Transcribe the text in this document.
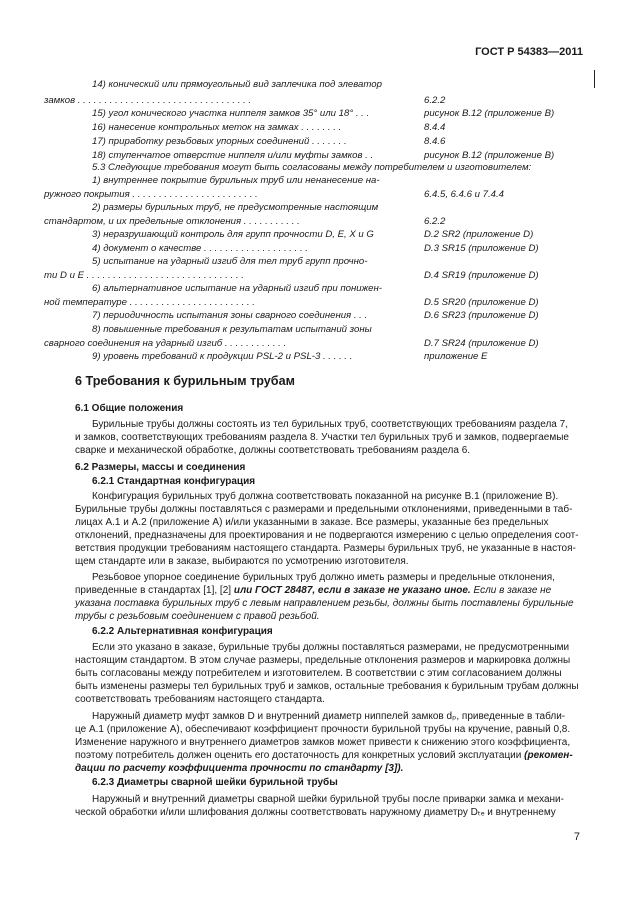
ГОСТ Р 54383—2011
14) конический или прямоугольный вид заплечика под элеватор
замков . . . . . . . . . . . . . . . . . . . . . . . . . . . . . . . . .
15) угол конического участка ниппеля замков 35° или 18° . . .
16) нанесение контрольных меток на замках . . . . . . . .
17) приработку резьбовых упорных соединений . . . . . . .
18) ступенчатое отверстие ниппеля и/или муфты замков . .
5.3 Следующие требования могут быть согласованы между потребителем и изготовителем:
1) внутреннее покрытие бурильных труб или ненанесение на-
ружного покрытия . . . . . . . . . . . . . . . . . . . . . . . .
2) размеры бурильных труб, не предусмотренные настоящим
стандартом, и их предельные отклонения . . . . . . . . . . .
3) неразрушающий контроль для групп прочности D, E, X и G
4) документ о качестве . . . . . . . . . . . . . . . . . . . .
5) испытание на ударный изгиб для тел труб групп прочно-
ти D и E . . . . . . . . . . . . . . . . . . . . . . . . . . . . . .
6) альтернативное испытание на ударный изгиб при понижен-
ной температуре . . . . . . . . . . . . . . . . . . . . . . . .
7) периодичность испытания зоны сварного соединения . . .
8) повышенные требования к результатам испытаний зоны
сварного соединения на ударный изгиб . . . . . . . . . . . .
9) уровень требований к продукции PSL-2 и PSL-3 . . . . . .
6.2.2
рисунок B.12 (приложение B)
8.4.4
8.4.6
рисунок B.12 (приложение B)
6.4.5, 6.4.6 и 7.4.4
6.2.2
D.2 SR2 (приложение D)
D.3 SR15 (приложение D)
D.4 SR19 (приложение D)
D.5 SR20 (приложение D)
D.6 SR23 (приложение D)
D.7 SR24 (приложение D)
приложение E
6 Требования к бурильным трубам
6.1 Общие положения
Бурильные трубы должны состоять из тел бурильных труб, соответствующих требованиям раздела 7,
и замков, соответствующих требованиям раздела 8. Участки тел бурильных труб и замков, подвергаемые
сварке и механической обработке, должны соответствовать требованиям раздела 6.
6.2 Размеры, массы и соединения
6.2.1 Стандартная конфигурация
Конфигурация бурильных труб должна соответствовать показанной на рисунке B.1 (приложение B).
Бурильные трубы должны поставляться с размерами и предельными отклонениями, приведенными в таб-
лицах A.1 и A.2 (приложение A) и/или указанными в заказе. Все размеры, указанные без предельных
отклонений, предназначены для проектирования и не подвергаются измерению с целью определения соот-
ветствия продукции требованиям настоящего стандарта. Размеры бурильных труб, не указанные в настоя-
щем стандарте или в заказе, выбираются по усмотрению изготовителя.
Резьбовое упорное соединение бурильных труб должно иметь размеры и предельные отклонения,
приведенные в стандартах [1], [2] или ГОСТ 28487, если в заказе не указано иное. Если в заказе не
указана поставка бурильных труб с левым направлением резьбы, должны быть поставлены бурильные
трубы с резьбовым соединением с правой резьбой.
6.2.2 Альтернативная конфигурация
Если это указано в заказе, бурильные трубы должны поставляться размерами, не предусмотренными
настоящим стандартом. В этом случае размеры, предельные отклонения размеров и маркировка должны
быть согласованы между потребителем и изготовителем. В соответствии с этим согласованием должны
быть изменены размеры тел бурильных труб и замков, остальные требования к бурильным трубам должны
соответствовать требованиям настоящего стандарта.
Наружный диаметр муфт замков D и внутренний диаметр ниппелей замков dₚ, приведенные в табли-
це A.1 (приложение A), обеспечивают коэффициент прочности бурильной трубы на кручение, равный 0,8.
Изменение наружного и внутреннего диаметров замков может привести к снижению этого коэффициента,
поэтому потребитель должен оценить его достаточность для конкретных условий эксплуатации (рекомен-
дации по расчету коэффициента прочности по стандарту [3]).
6.2.3 Диаметры сварной шейки бурильной трубы
Наружный и внутренний диаметры сварной шейки бурильной трубы после приварки замка и механи-
ческой обработки и/или шлифования должны соответствовать наружному диаметру Dₜₑ и внутреннему
7
